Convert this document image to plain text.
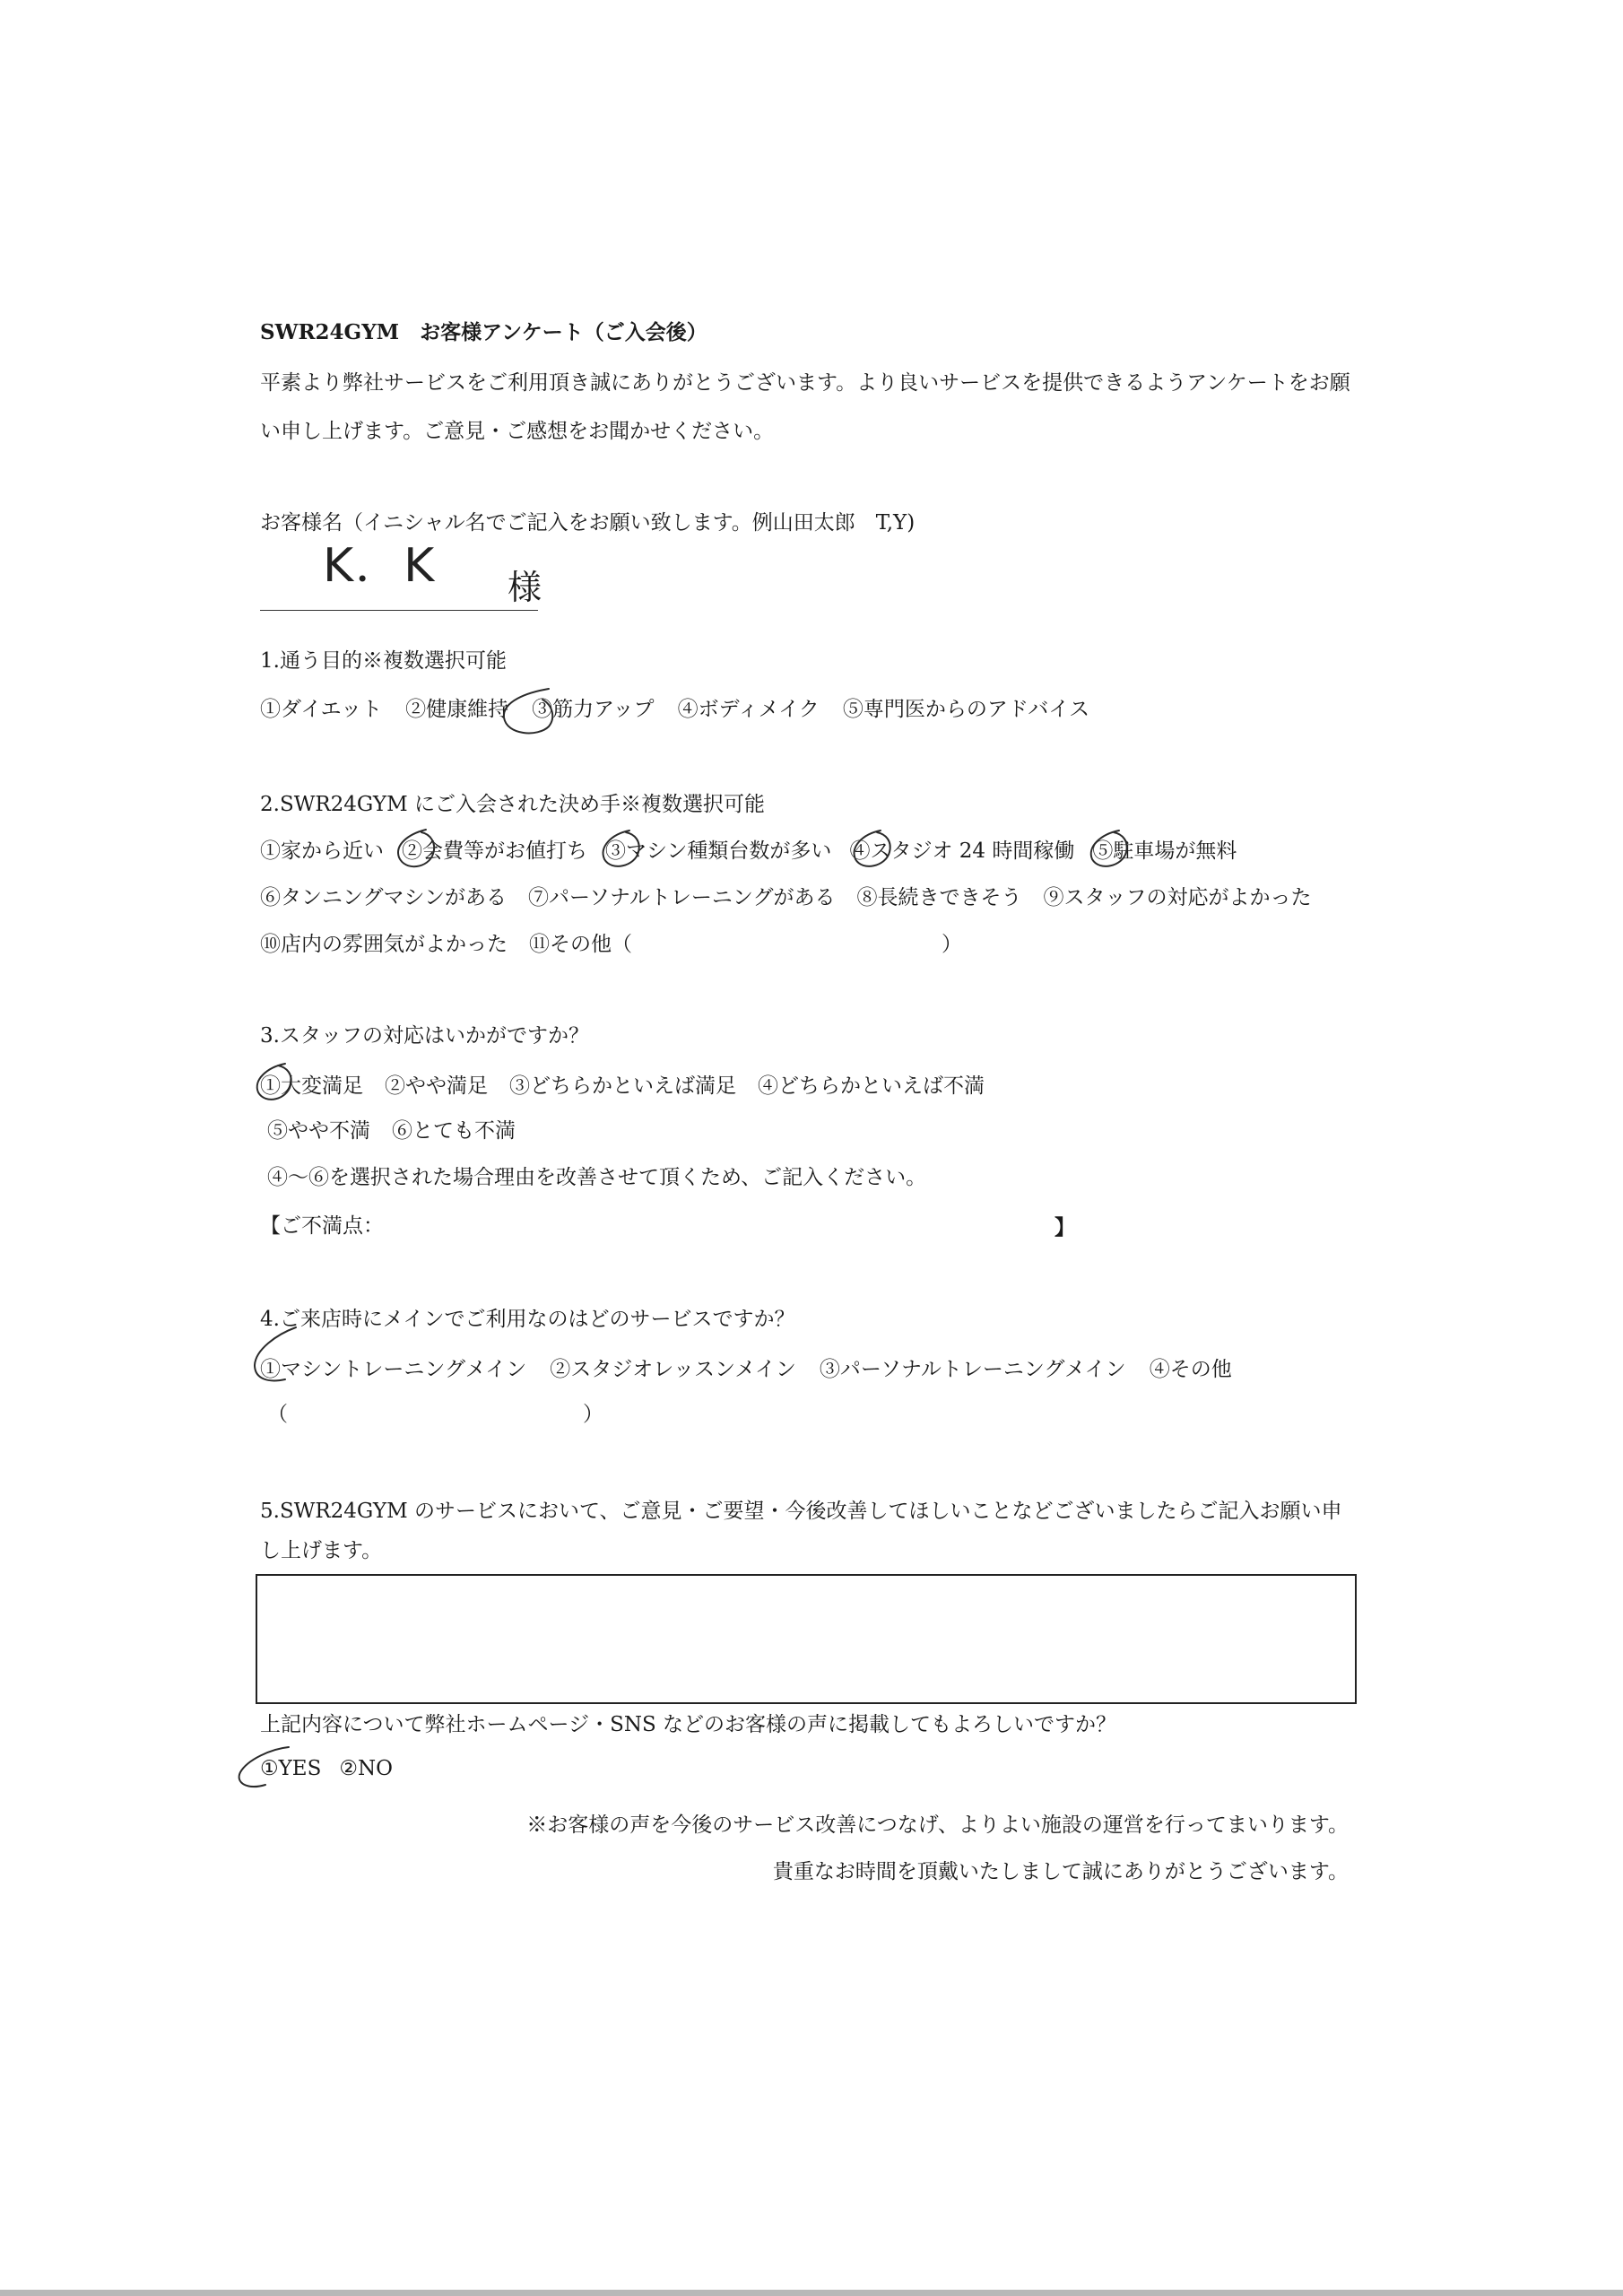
SWR24GYM　お客様アンケート（ご入会後）
平素より弊社サービスをご利用頂き誠にありがとうございます。より良いサービスを提供できるようアンケートをお願
い申し上げます。ご意見・ご感想をお聞かせください。
お客様名（イニシャル名でご記入をお願い致します。例山田太郎　T,Y)
K．K 様
1.通う目的※複数選択可能
①ダイエット ②健康維持 ③筋力アップ ④ボディメイク ⑤専門医からのアドバイス
2.SWR24GYM にご入会された決め手※複数選択可能
①家から近い ②会費等がお値打ち ③マシン種類台数が多い ④スタジオ 24 時間稼働 ⑤駐車場が無料
⑥タンニングマシンがある ⑦パーソナルトレーニングがある ⑧長続きできそう ⑨スタッフの対応がよかった
⑩店内の雰囲気がよかった ⑪その他（	）
3.スタッフの対応はいかがですか？
①大変満足 ②やや満足 ③どちらかといえば満足 ④どちらかといえば不満
⑤やや不満 ⑥とても不満
④～⑥を選択された場合理由を改善させて頂くため、ご記入ください。
【ご不満点：	】
4.ご来店時にメインでご利用なのはどのサービスですか？
①マシントレーニングメイン ②スタジオレッスンメイン ③パーソナルトレーニングメイン ④その他
（	）
5.SWR24GYM のサービスにおいて、ご意見・ご要望・今後改善してほしいことなどございましたらご記入お願い申
し上げます。
上記内容について弊社ホームページ・SNS などのお客様の声に掲載してもよろしいですか？
①YES ②NO
※お客様の声を今後のサービス改善につなげ、よりよい施設の運営を行ってまいります。
貴重なお時間を頂戴いたしまして誠にありがとうございます。
